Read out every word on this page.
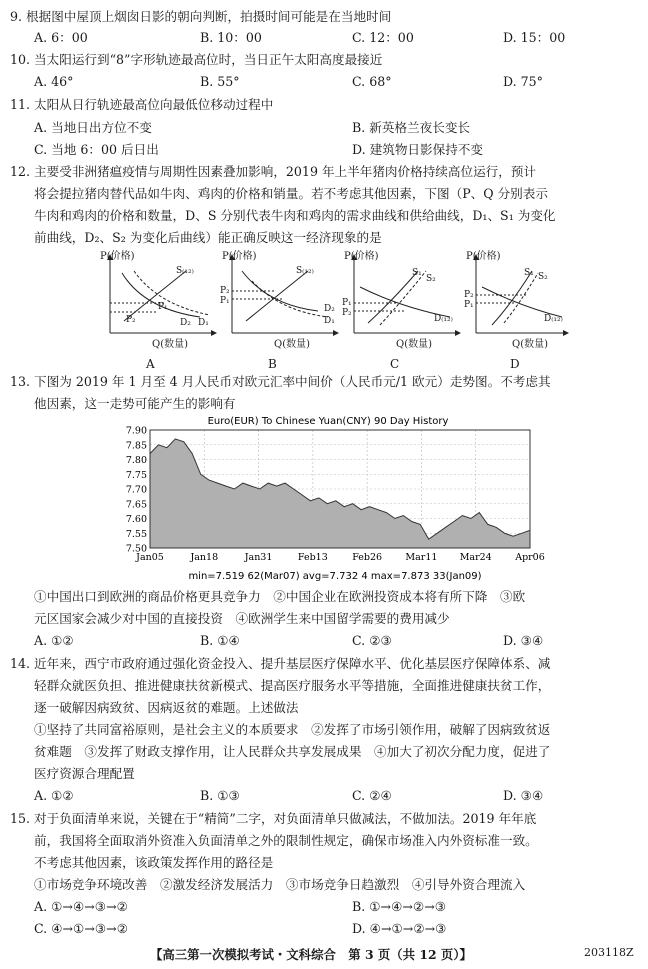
9. 根据图中屋顶上烟囱日影的朝向判断，拍摄时间可能是在当地时间
A. 6：00	B. 10：00	C. 12：00	D. 15：00
10. 当太阳运行到“8”字形轨迹最高位时，当日正午太阳高度最接近
A. 46°	B. 55°	C. 68°	D. 75°
11. 太阳从日行轨迹最高位向最低位移动过程中
A. 当地日出方位不变	B. 新英格兰夜长变长
C. 当地 6：00 后日出	D. 建筑物日影保持不变
12. 主要受非洲猪瘟疫情与周期性因素叠加影响，2019 年上半年猪肉价格持续高位运行，预计
将会提拉猪肉替代品如牛肉、鸡肉的价格和销量。若不考虑其他因素，下图（P、Q 分别表示
牛肉和鸡肉的价格和数量，D、S 分别代表牛肉和鸡肉的需求曲线和供给曲线，D₁、S₁ 为变化
前曲线，D₂、S₂ 为变化后曲线）能正确反映这一经济现象的是
P(价格)
Q(数量)
A
S₍₁₂₎
P₁
P₂	D₁
D₂
P(价格)
Q(数量)
B
S₍₁₂₎
P₂
P₁
D₂
D₁
P(价格)
Q(数量)
C
S₁
S₂
P₁
P₂
D₍₁₂₎
P(价格)
Q(数量)
D
S₁ S₂
P₂
P₁
D₍₁₂₎
13. 下图为 2019 年 1 月至 4 月人民币对欧元汇率中间价（人民币元/1 欧元）走势图。不考虑其
他因素，这一走势可能产生的影响有
Euro(EUR) To Chinese Yuan(CNY) 90 Day History
7.90
7.85
7.80
7.75
7.70
7.65
7.60
7.55
7.50
Jan05	Jan18	Jan31	Feb13	Feb26 Mar11 Mar24 Apr06
min=7.519 62(Mar07) avg=7.732 4 max=7.873 33(Jan09)
①中国出口到欧洲的商品价格更具竞争力　②中国企业在欧洲投资成本将有所下降　③欧
元区国家会减少对中国的直接投资　④欧洲学生来中国留学需要的费用减少
A. ①②	B. ①④	C. ②③	D. ③④
14. 近年来，西宁市政府通过强化资金投入、提升基层医疗保障水平、优化基层医疗保障体系、减
轻群众就医负担、推进健康扶贫新模式、提高医疗服务水平等措施，全面推进健康扶贫工作，
逐一破解因病致贫、因病返贫的难题。上述做法
①坚持了共同富裕原则，是社会主义的本质要求　②发挥了市场引领作用，破解了因病致贫返
贫难题　③发挥了财政支撑作用，让人民群众共享发展成果　④加大了初次分配力度，促进了
医疗资源合理配置
A. ①②	B. ①③	C. ②④	D. ③④
15. 对于负面清单来说，关键在于“精简”二字，对负面清单只做减法，不做加法。2019 年年底
前，我国将全面取消外资准入负面清单之外的限制性规定，确保市场准入内外资标准一致。
不考虑其他因素，该政策发挥作用的路径是
①市场竞争环境改善　②激发经济发展活力　③市场竞争日趋激烈　④引导外资合理流入
A. ①→④→③→②	B. ①→④→②→③
C. ④→①→③→②	D. ④→①→②→③
【高三第一次模拟考试・文科综合　第 3 页（共 12 页）】	203118Z
